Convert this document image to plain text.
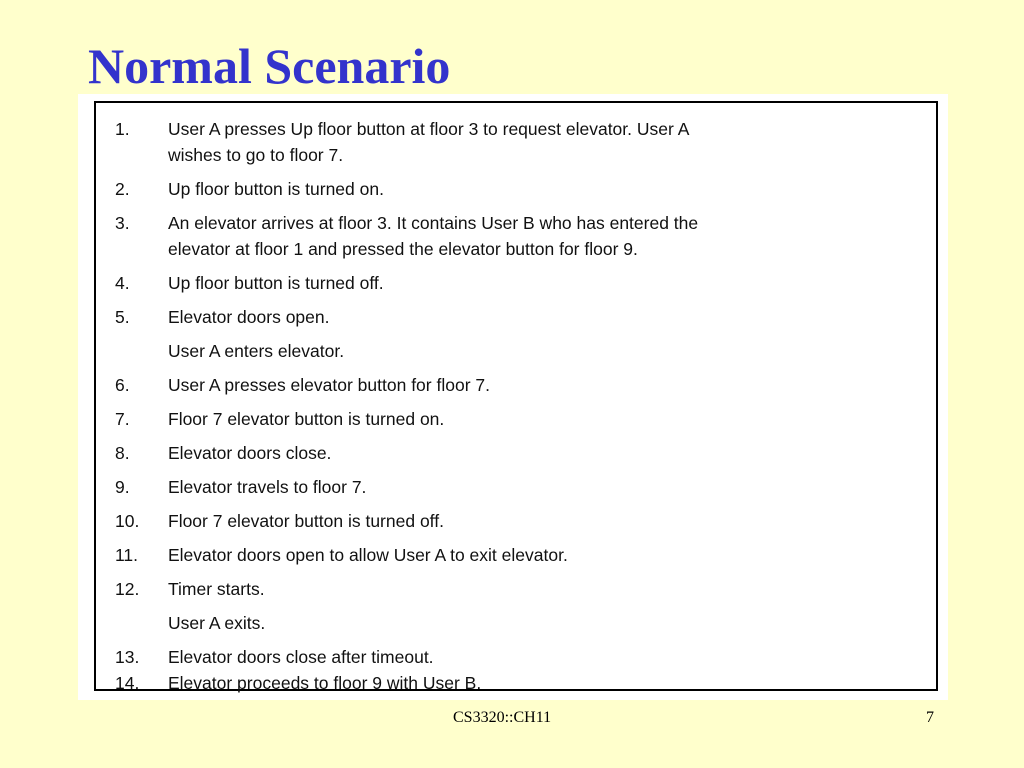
Normal Scenario
1. User A presses Up floor button at floor 3 to request elevator. User A
wishes to go to floor 7.
2. Up floor button is turned on.
3. An elevator arrives at floor 3. It contains User B who has entered the
elevator at floor 1 and pressed the elevator button for floor 9.
4. Up floor button is turned off.
5. Elevator doors open.
User A enters elevator.
6. User A presses elevator button for floor 7.
7. Floor 7 elevator button is turned on.
8. Elevator doors close.
9. Elevator travels to floor 7.
10. Floor 7 elevator button is turned off.
11. Elevator doors open to allow User A to exit elevator.
12. Timer starts.
User A exits.
13. Elevator doors close after timeout.
14. Elevator proceeds to floor 9 with User B.
CS3320::CH11	7
